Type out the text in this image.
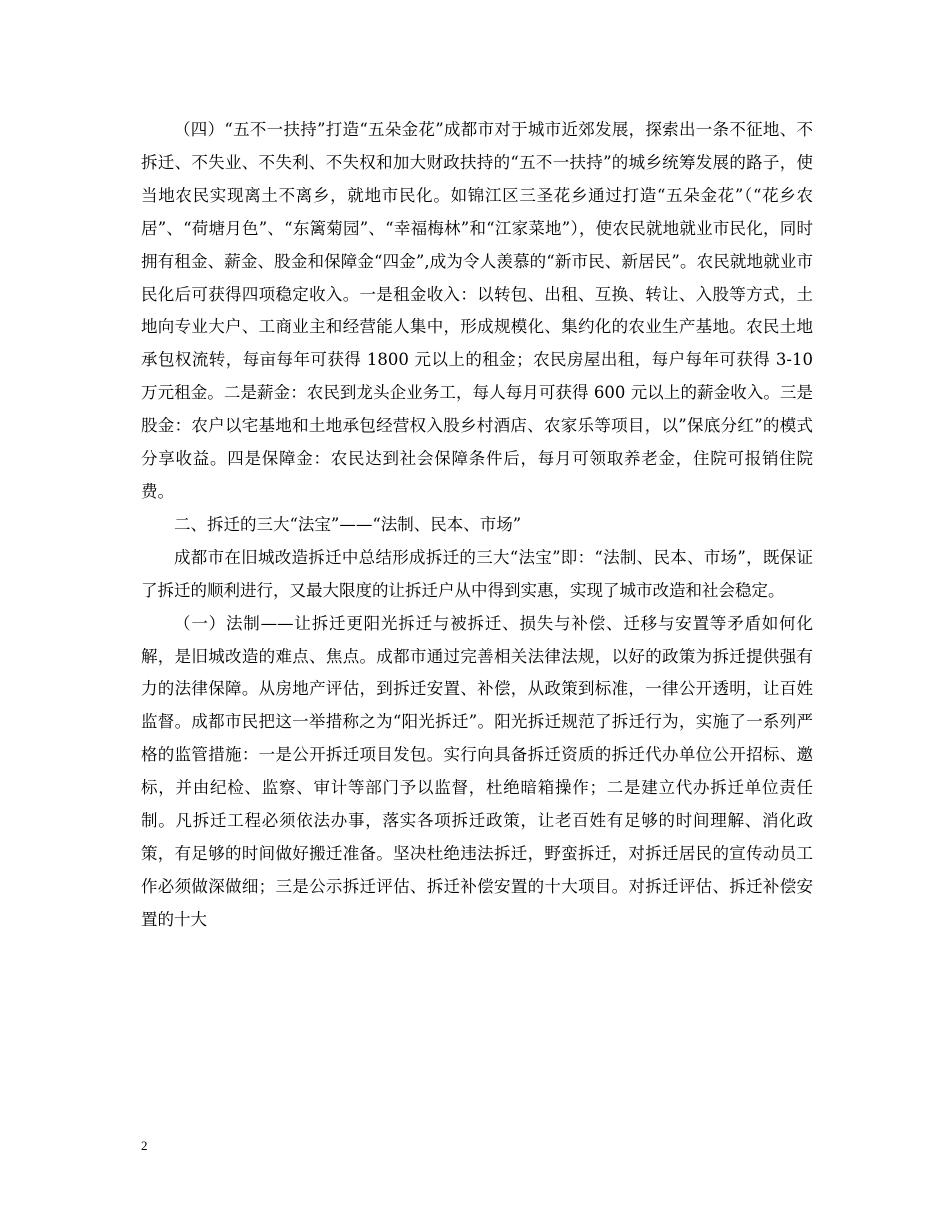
（四）“五不一扶持”打造“五朵金花”成都市对于城市近郊发展，探索出一条不征地、不拆迁、不失业、不失利、不失权和加大财政扶持的“五不一扶持”的城乡统筹发展的路子，使当地农民实现离土不离乡，就地市民化。如锦江区三圣花乡通过打造“五朵金花”（“花乡农居”、“荷塘月色”、“东篱菊园”、“幸福梅林”和“江家菜地”），使农民就地就业市民化，同时拥有租金、薪金、股金和保障金“四金”,成为令人羡慕的“新市民、新居民”。农民就地就业市民化后可获得四项稳定收入。一是租金收入：以转包、出租、互换、转让、入股等方式，土地向专业大户、工商业主和经营能人集中，形成规模化、集约化的农业生产基地。农民土地承包权流转，每亩每年可获得 1800 元以上的租金；农民房屋出租，每户每年可获得 3-10 万元租金。二是薪金：农民到龙头企业务工，每人每月可获得 600 元以上的薪金收入。三是股金：农户以宅基地和土地承包经营权入股乡村酒店、农家乐等项目，以”保底分红”的模式分享收益。四是保障金：农民达到社会保障条件后，每月可领取养老金，住院可报销住院费。

二、拆迁的三大“法宝”——“法制、民本、市场”

成都市在旧城改造拆迁中总结形成拆迁的三大“法宝”即：“法制、民本、市场”，既保证了拆迁的顺利进行，又最大限度的让拆迁户从中得到实惠，实现了城市改造和社会稳定。

（一）法制——让拆迁更阳光拆迁与被拆迁、损失与补偿、迁移与安置等矛盾如何化解，是旧城改造的难点、焦点。成都市通过完善相关法律法规，以好的政策为拆迁提供强有力的法律保障。从房地产评估，到拆迁安置、补偿，从政策到标准，一律公开透明，让百姓监督。成都市民把这一举措称之为“阳光拆迁”。阳光拆迁规范了拆迁行为，实施了一系列严格的监管措施：一是公开拆迁项目发包。实行向具备拆迁资质的拆迁代办单位公开招标、邀标，并由纪检、监察、审计等部门予以监督，杜绝暗箱操作；二是建立代办拆迁单位责任制。凡拆迁工程必须依法办事，落实各项拆迁政策，让老百姓有足够的时间理解、消化政策，有足够的时间做好搬迁准备。坚决杜绝违法拆迁，野蛮拆迁，对拆迁居民的宣传动员工作必须做深做细；三是公示拆迁评估、拆迁补偿安置的十大项目。对拆迁评估、拆迁补偿安置的十大

2
